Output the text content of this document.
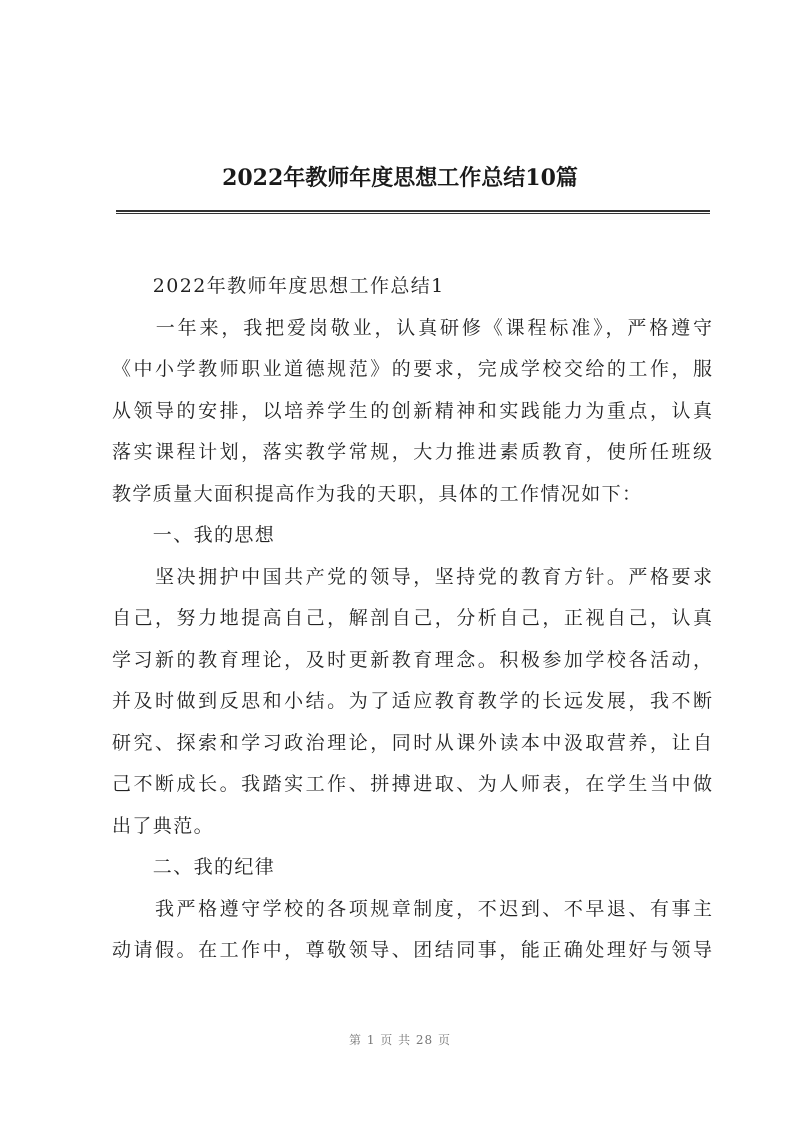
2022年教师年度思想工作总结10篇
　　2022年教师年度思想工作总结1
　　一年来，我把爱岗敬业，认真研修《课程标准》，严格遵守
《中小学教师职业道德规范》的要求，完成学校交给的工作，服
从领导的安排，以培养学生的创新精神和实践能力为重点，认真
落实课程计划，落实教学常规，大力推进素质教育，使所任班级
教学质量大面积提高作为我的天职，具体的工作情况如下：
　　一、我的思想
　　坚决拥护中国共产党的领导，坚持党的教育方针。严格要求
自己，努力地提高自己，解剖自己，分析自己，正视自己，认真
学习新的教育理论，及时更新教育理念。积极参加学校各活动，
并及时做到反思和小结。为了适应教育教学的长远发展，我不断
研究、探索和学习政治理论，同时从课外读本中汲取营养，让自
己不断成长。我踏实工作、拼搏进取、为人师表，在学生当中做
出了典范。
　　二、我的纪律
　　我严格遵守学校的各项规章制度，不迟到、不早退、有事主
动请假。在工作中，尊敬领导、团结同事，能正确处理好与领导
第 1 页 共 28 页
